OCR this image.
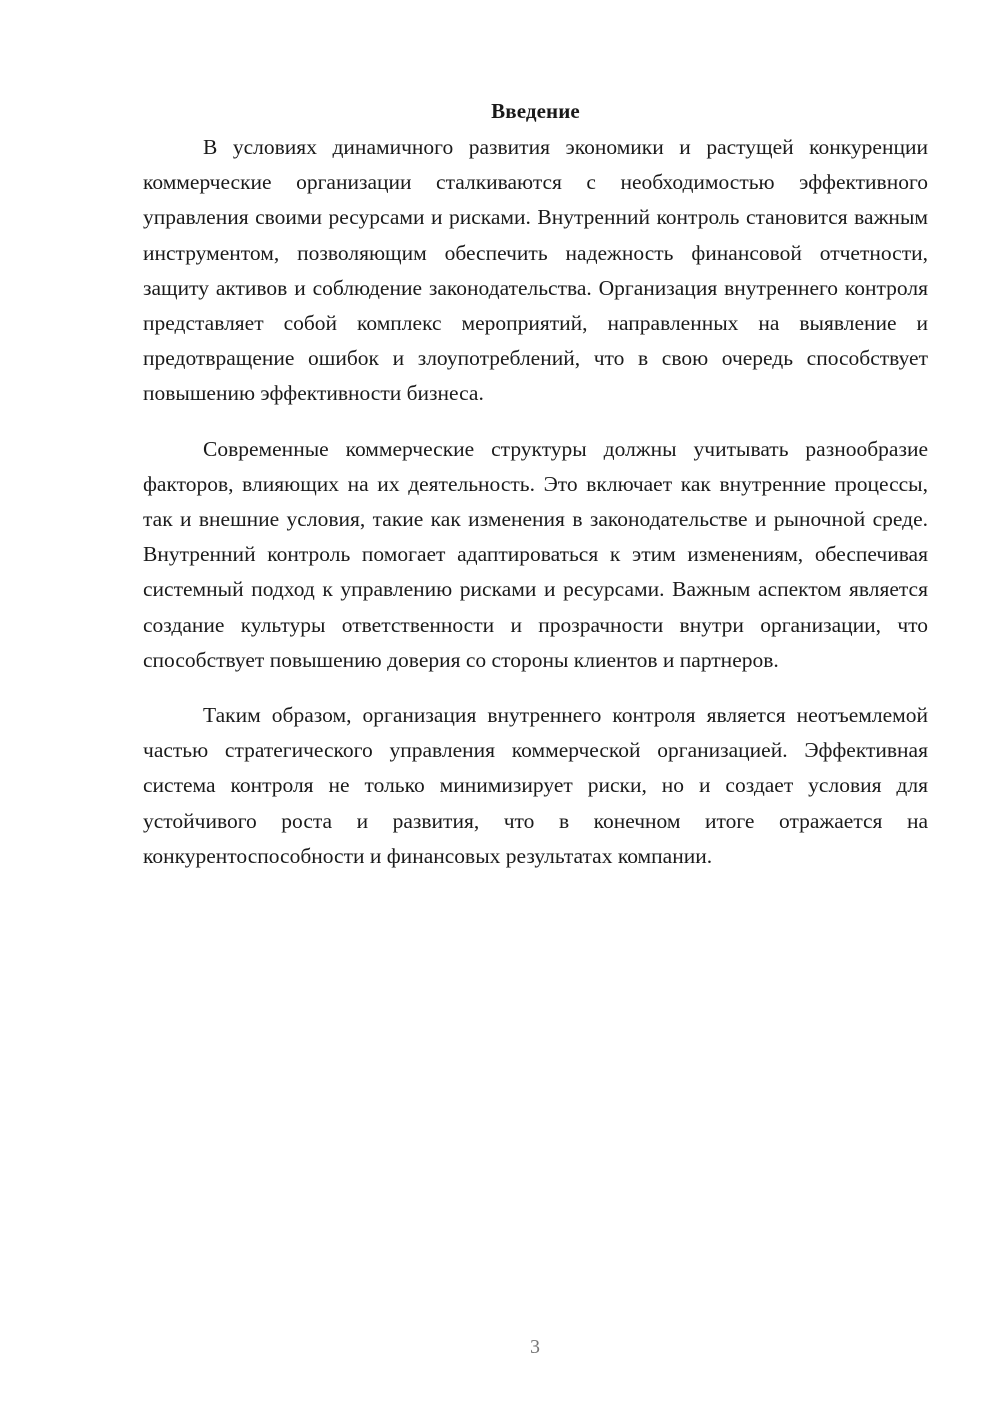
Введение

В условиях динамичного развития экономики и растущей конкуренции коммерческие организации сталкиваются с необходимостью эффективного управления своими ресурсами и рисками. Внутренний контроль становится важным инструментом, позволяющим обеспечить надежность финансовой отчетности, защиту активов и соблюдение законодательства. Организация внутреннего контроля представляет собой комплекс мероприятий, направленных на выявление и предотвращение ошибок и злоупотреблений, что в свою очередь способствует повышению эффективности бизнеса.

Современные коммерческие структуры должны учитывать разнообразие факторов, влияющих на их деятельность. Это включает как внутренние процессы, так и внешние условия, такие как изменения в законодательстве и рыночной среде. Внутренний контроль помогает адаптироваться к этим изменениям, обеспечивая системный подход к управлению рисками и ресурсами. Важным аспектом является создание культуры ответственности и прозрачности внутри организации, что способствует повышению доверия со стороны клиентов и партнеров.

Таким образом, организация внутреннего контроля является неотъемлемой частью стратегического управления коммерческой организацией. Эффективная система контроля не только минимизирует риски, но и создает условия для устойчивого роста и развития, что в конечном итоге отражается на конкурентоспособности и финансовых результатах компании.

3
